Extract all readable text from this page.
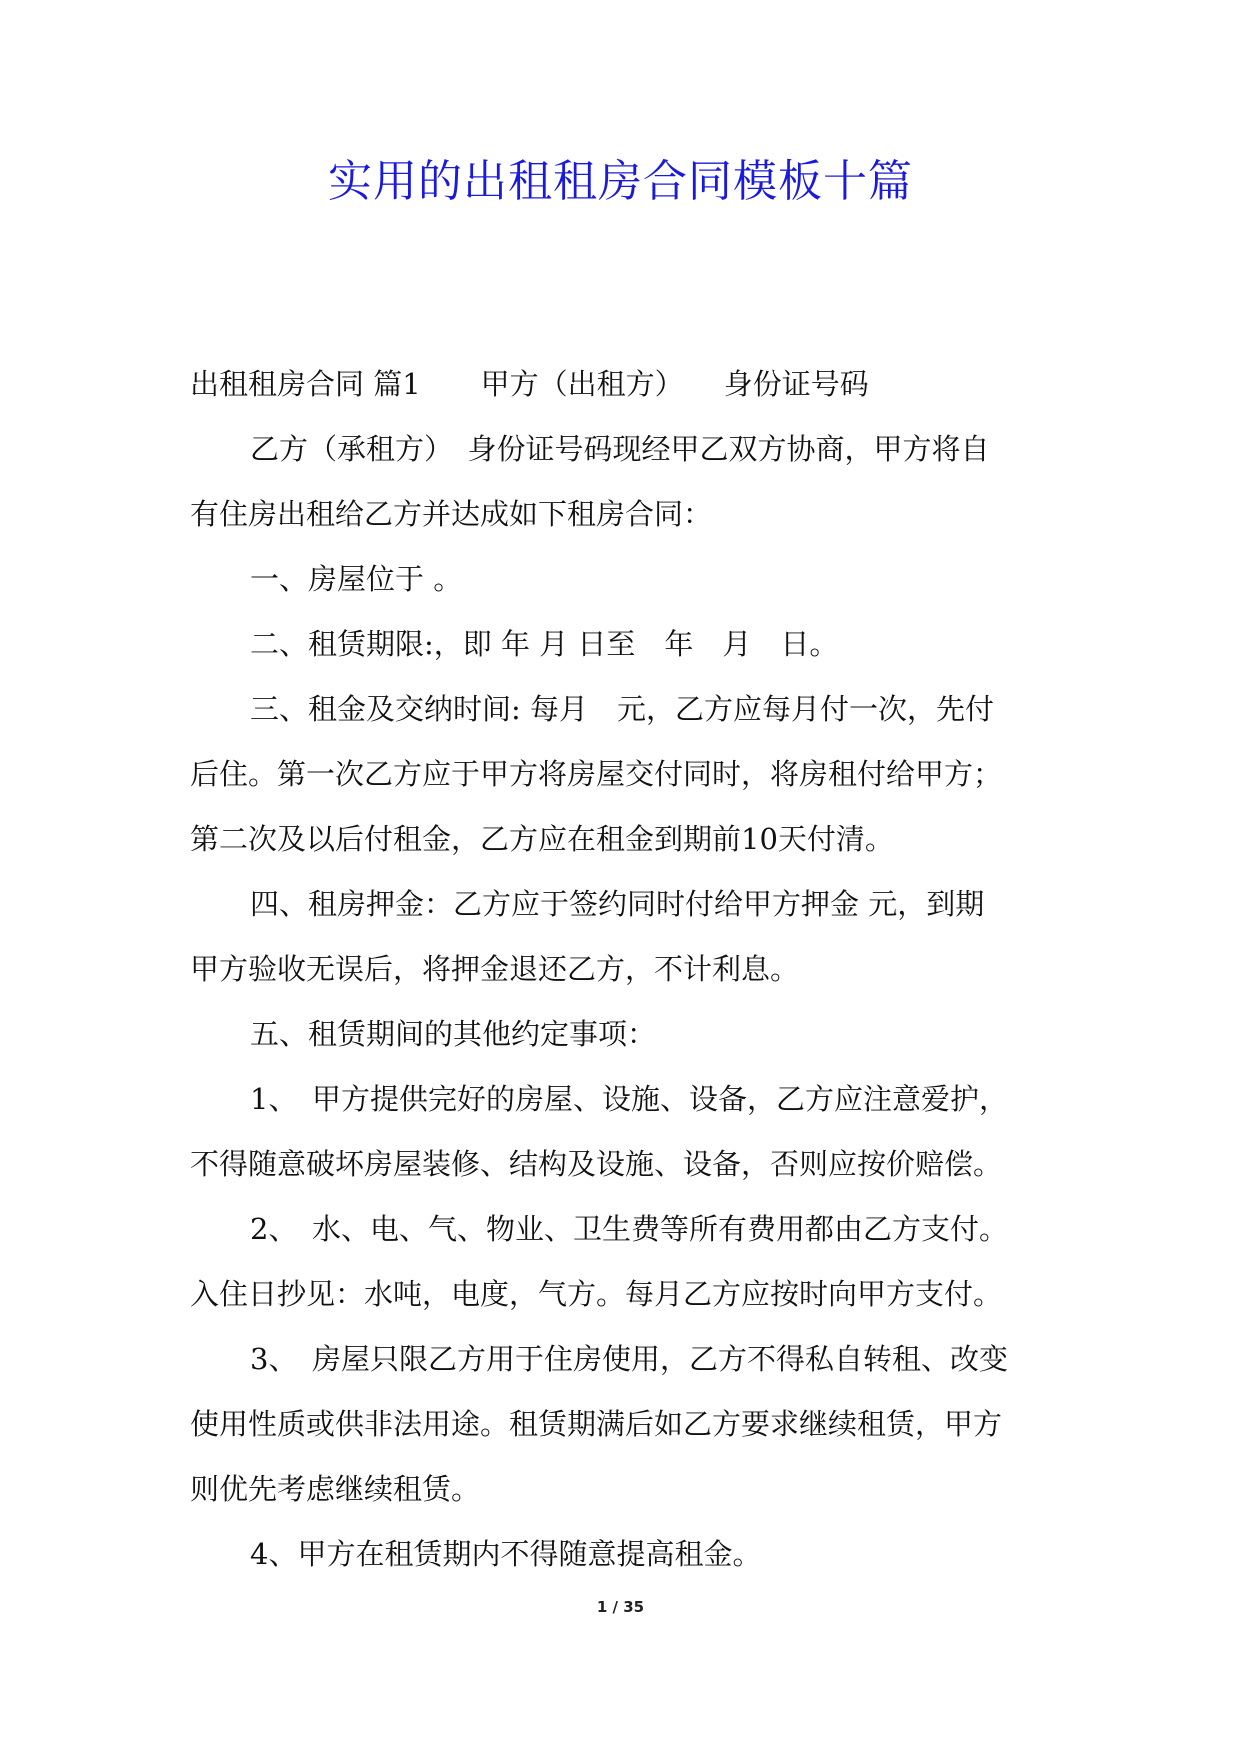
实用的出租租房合同模板十篇
出租租房合同 篇1 甲方（出租方） 身份证号码
乙方（承租方）　身份证号码现经甲乙双方协商，甲方将自
有住房出租给乙方并达成如下租房合同：
一、房屋位于 。
二、租赁期限:，即 年 月 日至　年　月　日。
三、租金及交纳时间: 每月　元，乙方应每月付一次，先付
后住。第一次乙方应于甲方将房屋交付同时，将房租付给甲方；
第二次及以后付租金，乙方应在租金到期前10天付清。
四、租房押金：乙方应于签约同时付给甲方押金 元，到期
甲方验收无误后，将押金退还乙方，不计利息。
五、租赁期间的其他约定事项：
1、　甲方提供完好的房屋、设施、设备，乙方应注意爱护，
不得随意破坏房屋装修、结构及设施、设备，否则应按价赔偿。
2、　水、电、气、物业、卫生费等所有费用都由乙方支付。
入住日抄见：水吨，电度，气方。每月乙方应按时向甲方支付。
3、　房屋只限乙方用于住房使用，乙方不得私自转租、改变
使用性质或供非法用途。租赁期满后如乙方要求继续租赁，甲方
则优先考虑继续租赁。
4、甲方在租赁期内不得随意提高租金。
1 / 35
